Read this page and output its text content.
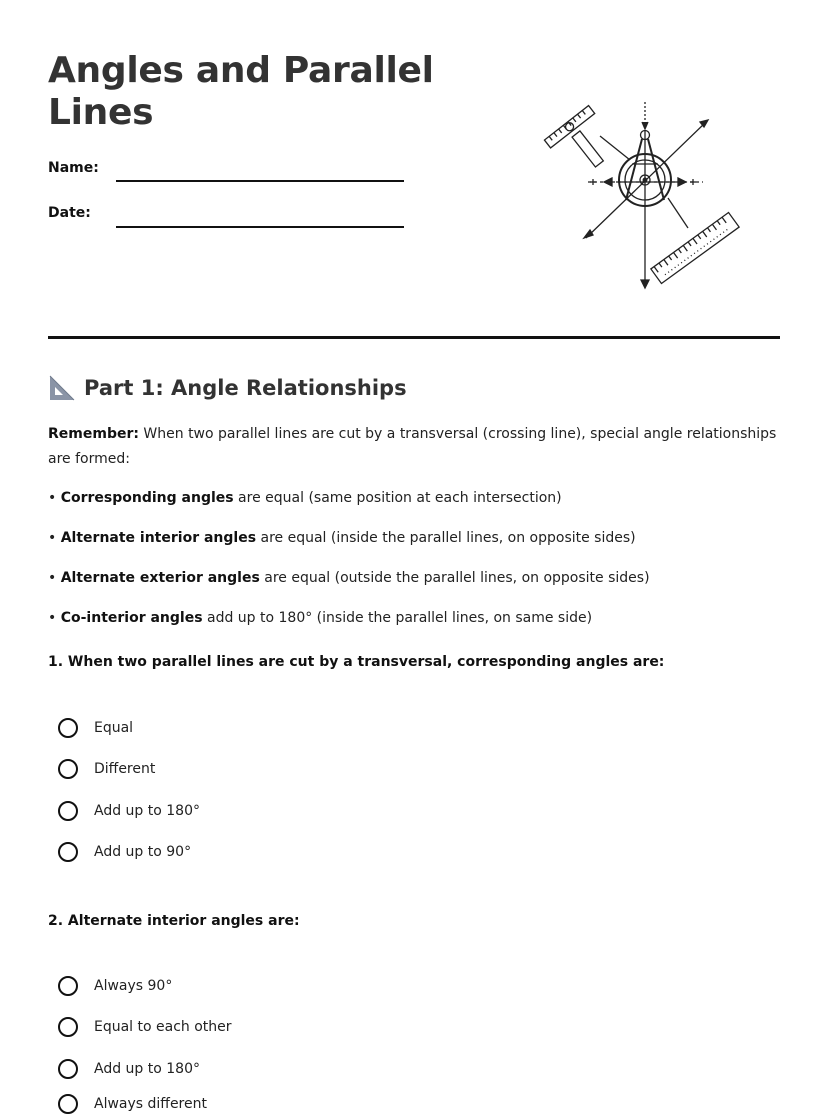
Angles and Parallel Lines
Name:
Date:
Part 1: Angle Relationships
Remember: When two parallel lines are cut by a transversal (crossing line), special angle relationships are formed:
• Corresponding angles are equal (same position at each intersection)
• Alternate interior angles are equal (inside the parallel lines, on opposite sides)
• Alternate exterior angles are equal (outside the parallel lines, on opposite sides)
• Co-interior angles add up to 180° (inside the parallel lines, on same side)
1. When two parallel lines are cut by a transversal, corresponding angles are:
Equal
Different
Add up to 180°
Add up to 90°
2. Alternate interior angles are:
Always 90°
Equal to each other
Add up to 180°
Always different
